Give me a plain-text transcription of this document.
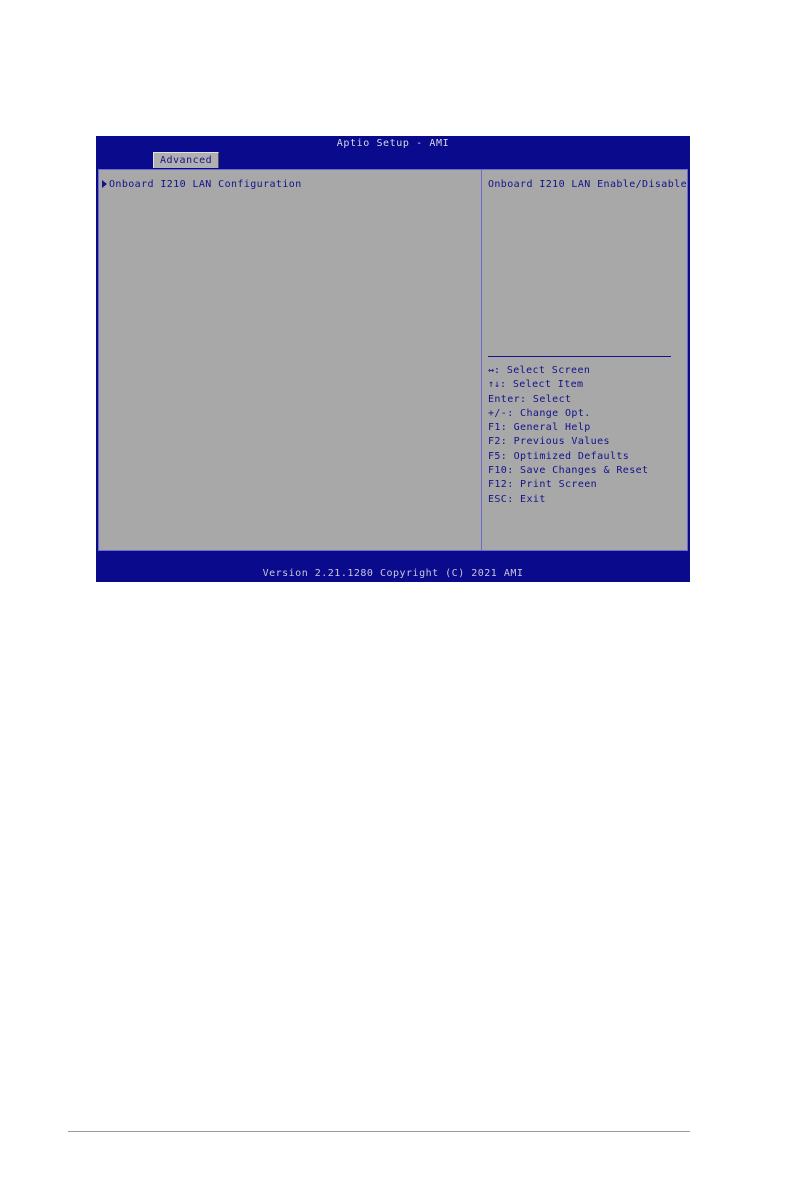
Aptio Setup - AMI
Advanced
Onboard I210 LAN Configuration	Onboard I210 LAN Enable/Disable
↔: Select Screen
↑↓: Select Item
Enter: Select
+/-: Change Opt.
F1: General Help
F2: Previous Values
F5: Optimized Defaults
F10: Save Changes & Reset
F12: Print Screen
ESC: Exit
Version 2.21.1280 Copyright (C) 2021 AMI
